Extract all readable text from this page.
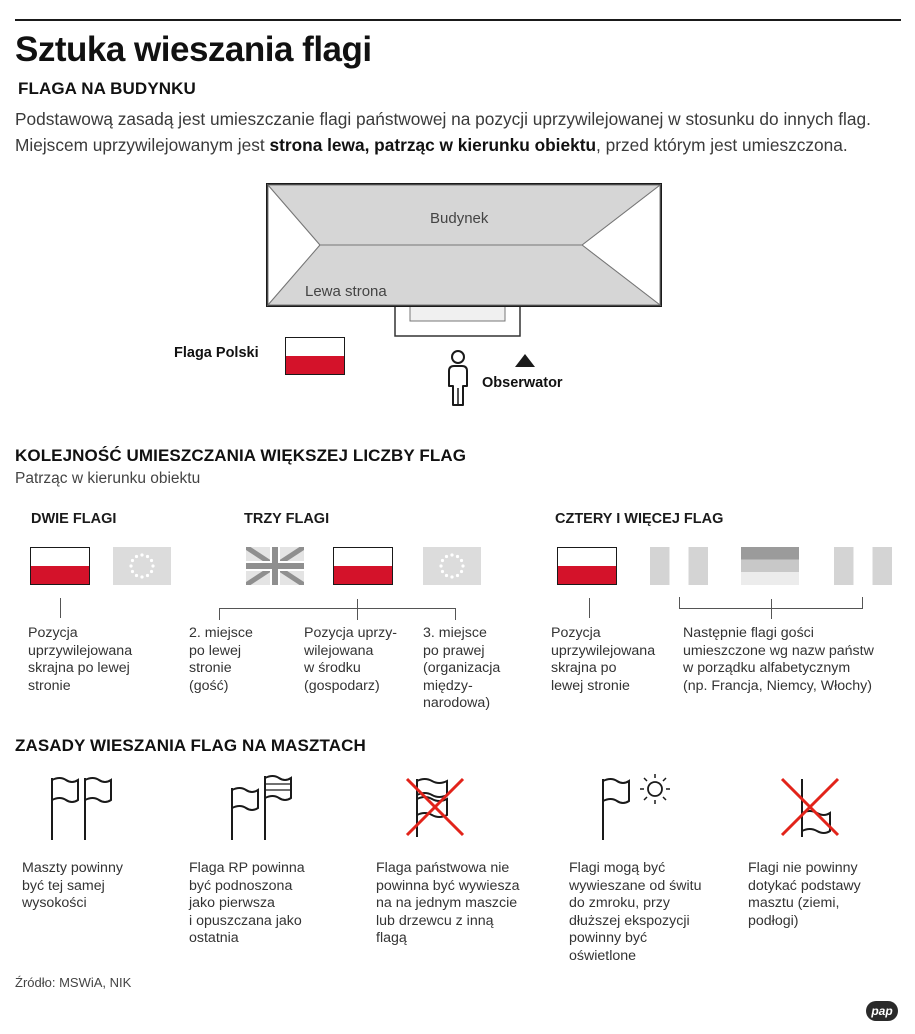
Sztuka wieszania flagi
FLAGA NA BUDYNKU
Podstawową zasadą jest umieszczanie flagi państwowej na pozycji uprzywilejowanej w stosunku do innych flag.
Miejscem uprzywilejowanym jest strona lewa, patrząc w kierunku obiektu, przed którym jest umieszczona.
Budynek
Lewa strona
Flaga Polski
Obserwator
KOLEJNOŚĆ UMIESZCZANIA WIĘKSZEJ LICZBY FLAG
Patrząc w kierunku obiektu
DWIE FLAGI	TRZY FLAGI	CZTERY I WIĘCEJ FLAG
Pozycja
uprzywilejowana
skrajna po lewej
stronie
2. miejsce
po lewej
stronie
(gość)
Pozycja uprzy-
wilejowana
w środku
(gospodarz)
3. miejsce
po prawej
(organizacja
między-
narodowa)
Pozycja
uprzywilejowana
skrajna po
lewej stronie
Następnie flagi gości
umieszczone wg nazw państw
w porządku alfabetycznym
(np. Francja, Niemcy, Włochy)
ZASADY WIESZANIA FLAG NA MASZTACH
Maszty powinny
być tej samej
wysokości
Flaga RP powinna
być podnoszona
jako pierwsza
i opuszczana jako
ostatnia
Flaga państwowa nie
powinna być wywiesza
na na jednym maszcie
lub drzewcu z inną
flagą
Flagi mogą być
wywieszane od świtu
do zmroku, przy
dłuższej ekspozycji
powinny być
oświetlone
Flagi nie powinny
dotykać podstawy
masztu (ziemi,
podłogi)
Źródło: MSWiA, NIK
pap
